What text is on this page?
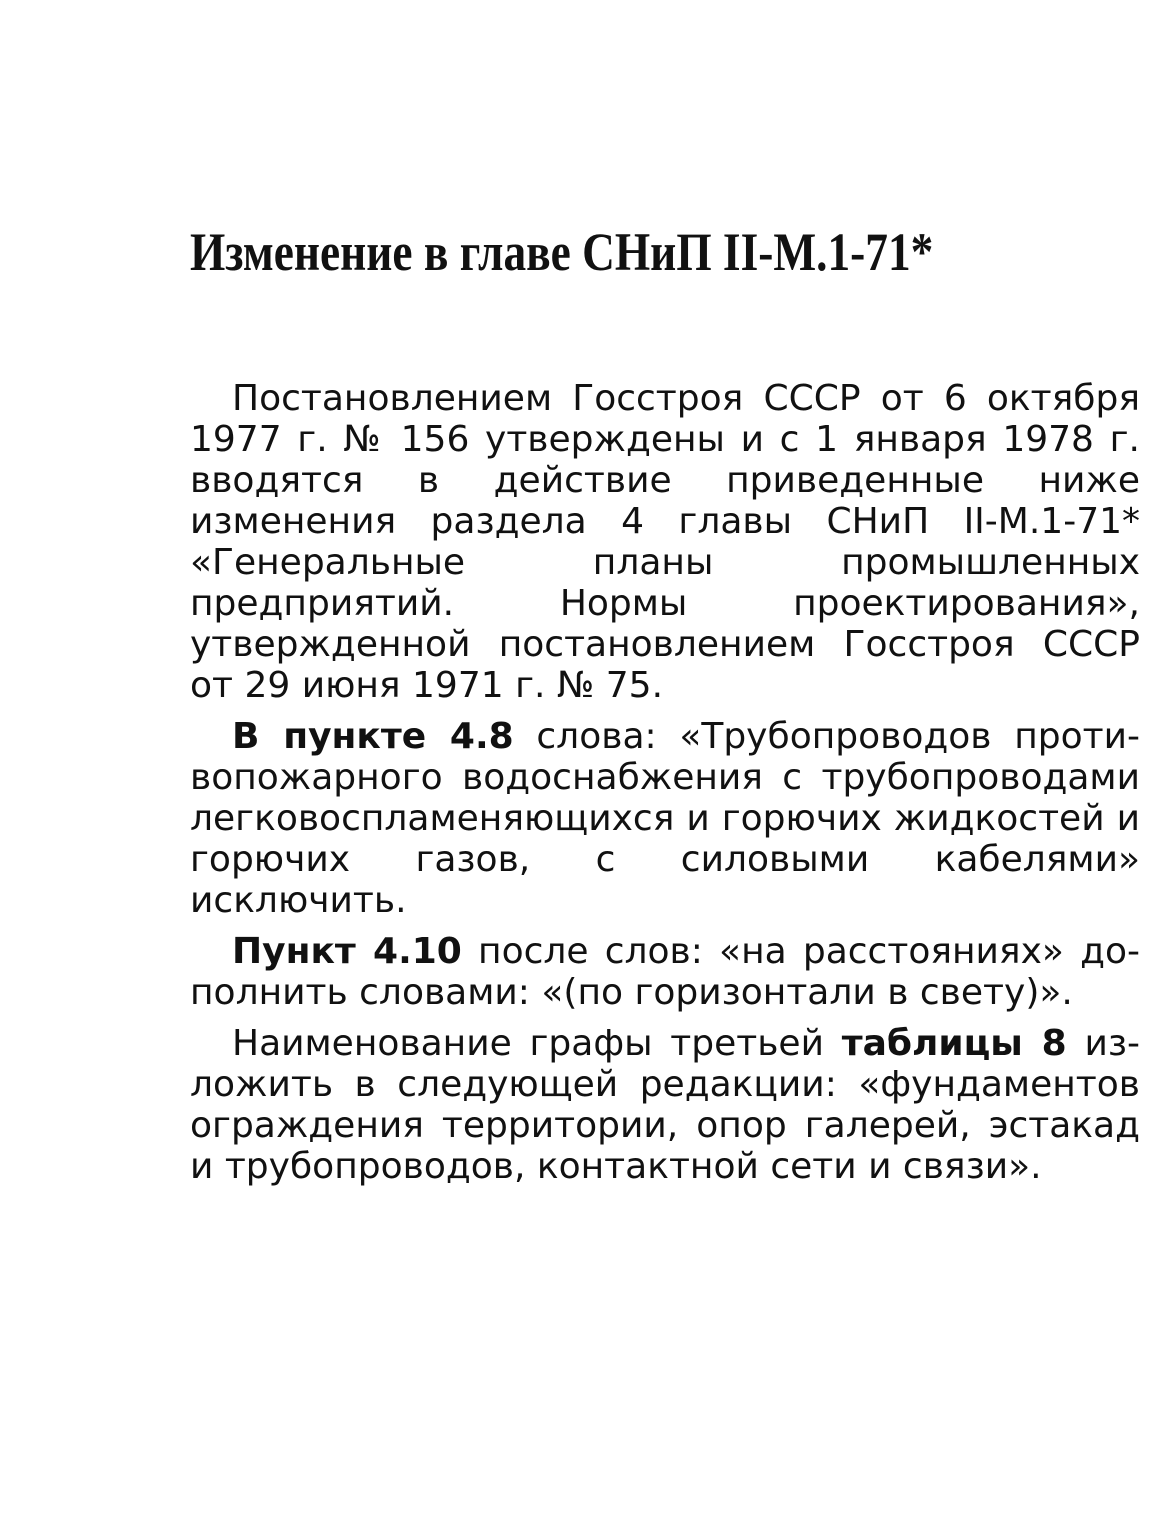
Изменение в главе СНиП II-М.1-71*

Постановлением Госстроя СССР от 6 октября 1977 г. № 156 утверждены и с 1 января 1978 г. вводятся в действие приведенные ниже изменения раздела 4 главы СНиП II-М.1-71* «Генеральные планы промышленных предприятий. Нормы проектирования», утвержденной постановлением Госстроя СССР от 29 июня 1971 г. № 75.

В пункте 4.8 слова: «Трубопроводов противопожарного водоснабжения с трубопроводами легковоспламеняющихся и горючих жидкостей и горючих газов, с силовыми кабелями» исключить.

Пункт 4.10 после слов: «на расстояниях» дополнить словами: «(по горизонтали в свету)».

Наименование графы третьей таблицы 8 изложить в следующей редакции: «фундаментов ограждения территории, опор галерей, эстакад и трубопроводов, контактной сети и связи».
